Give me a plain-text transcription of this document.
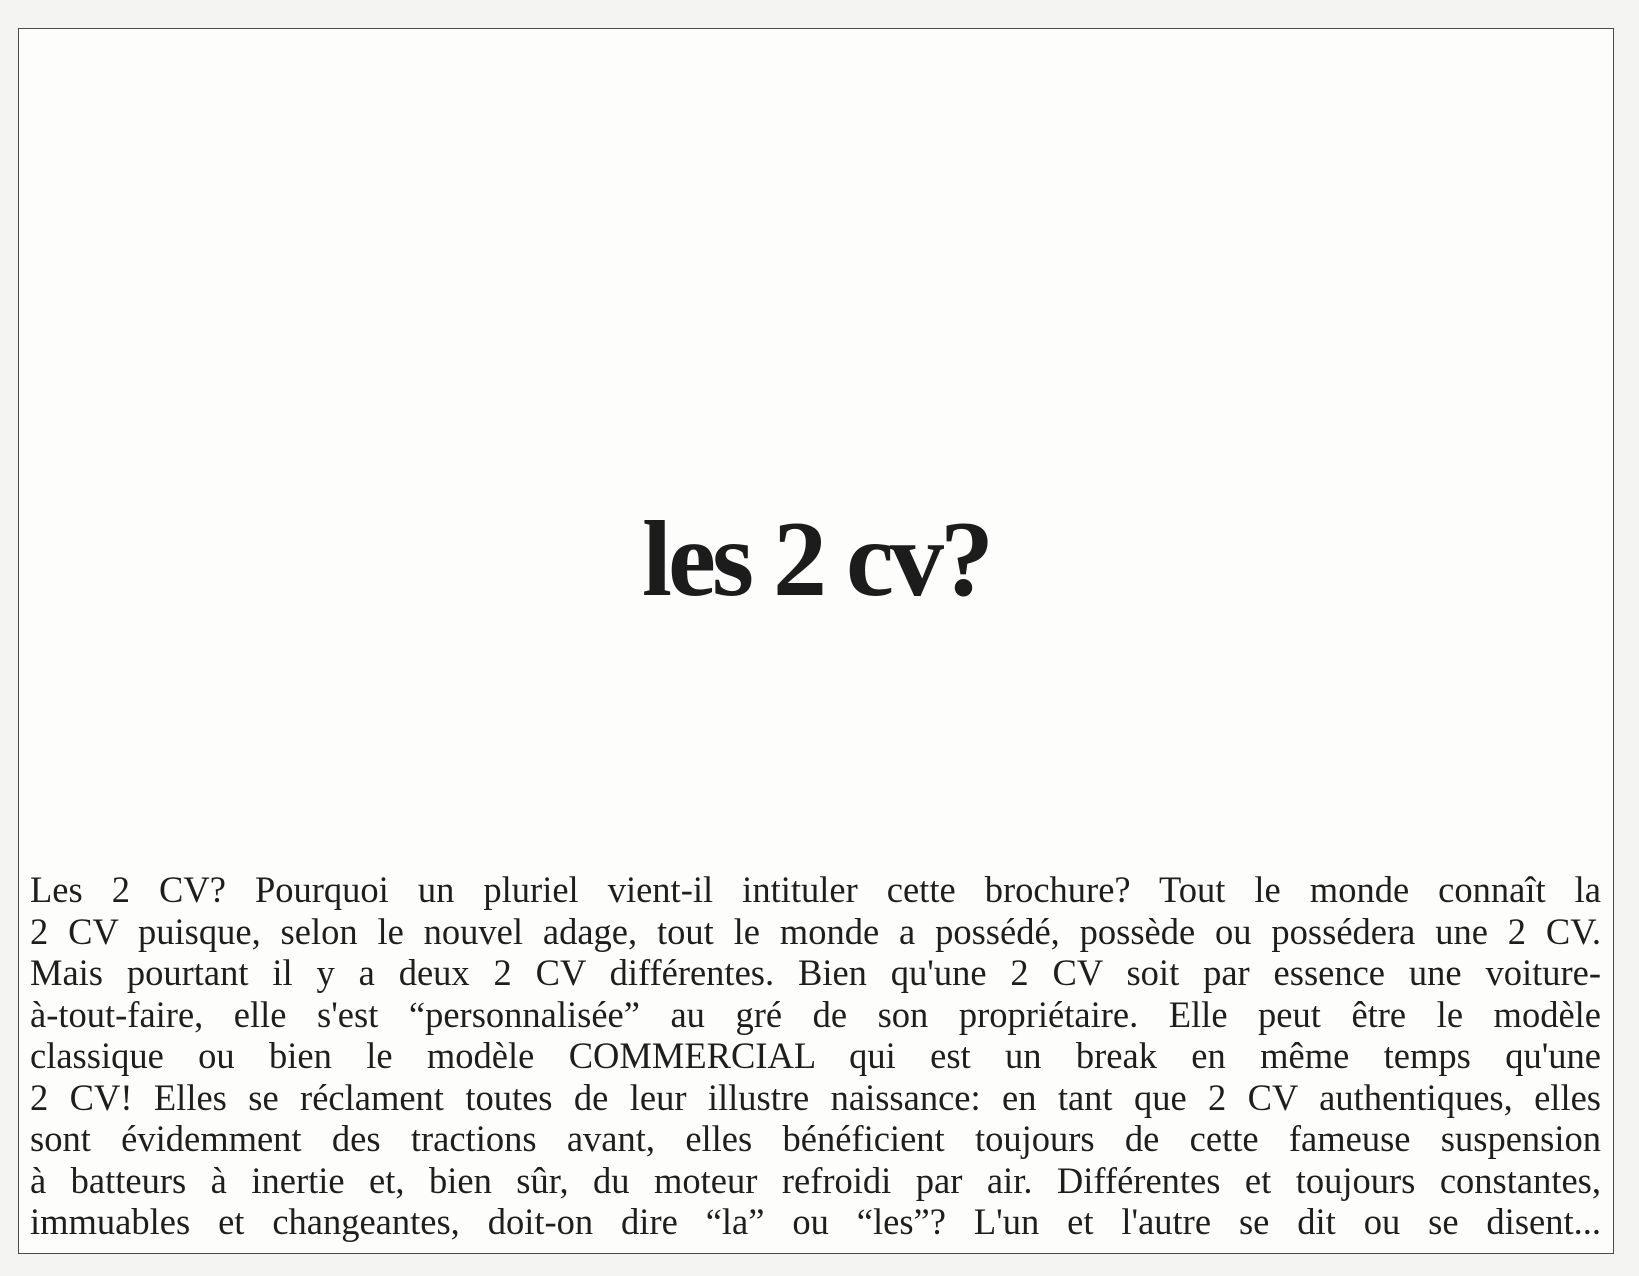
les 2 cv?

Les 2 CV? Pourquoi un pluriel vient-il intituler cette brochure? Tout le monde connaît la
2 CV puisque, selon le nouvel adage, tout le monde a possédé, possède ou possédera une 2 CV.
Mais pourtant il y a deux 2 CV différentes. Bien qu'une 2 CV soit par essence une voiture-
à-tout-faire, elle s'est “personnalisée” au gré de son propriétaire. Elle peut être le modèle
classique ou bien le modèle COMMERCIAL qui est un break en même temps qu'une
2 CV! Elles se réclament toutes de leur illustre naissance: en tant que 2 CV authentiques, elles
sont évidemment des tractions avant, elles bénéficient toujours de cette fameuse suspension
à batteurs à inertie et, bien sûr, du moteur refroidi par air. Différentes et toujours constantes,
immuables et changeantes, doit-on dire “la” ou “les”? L'un et l'autre se dit ou se disent...
